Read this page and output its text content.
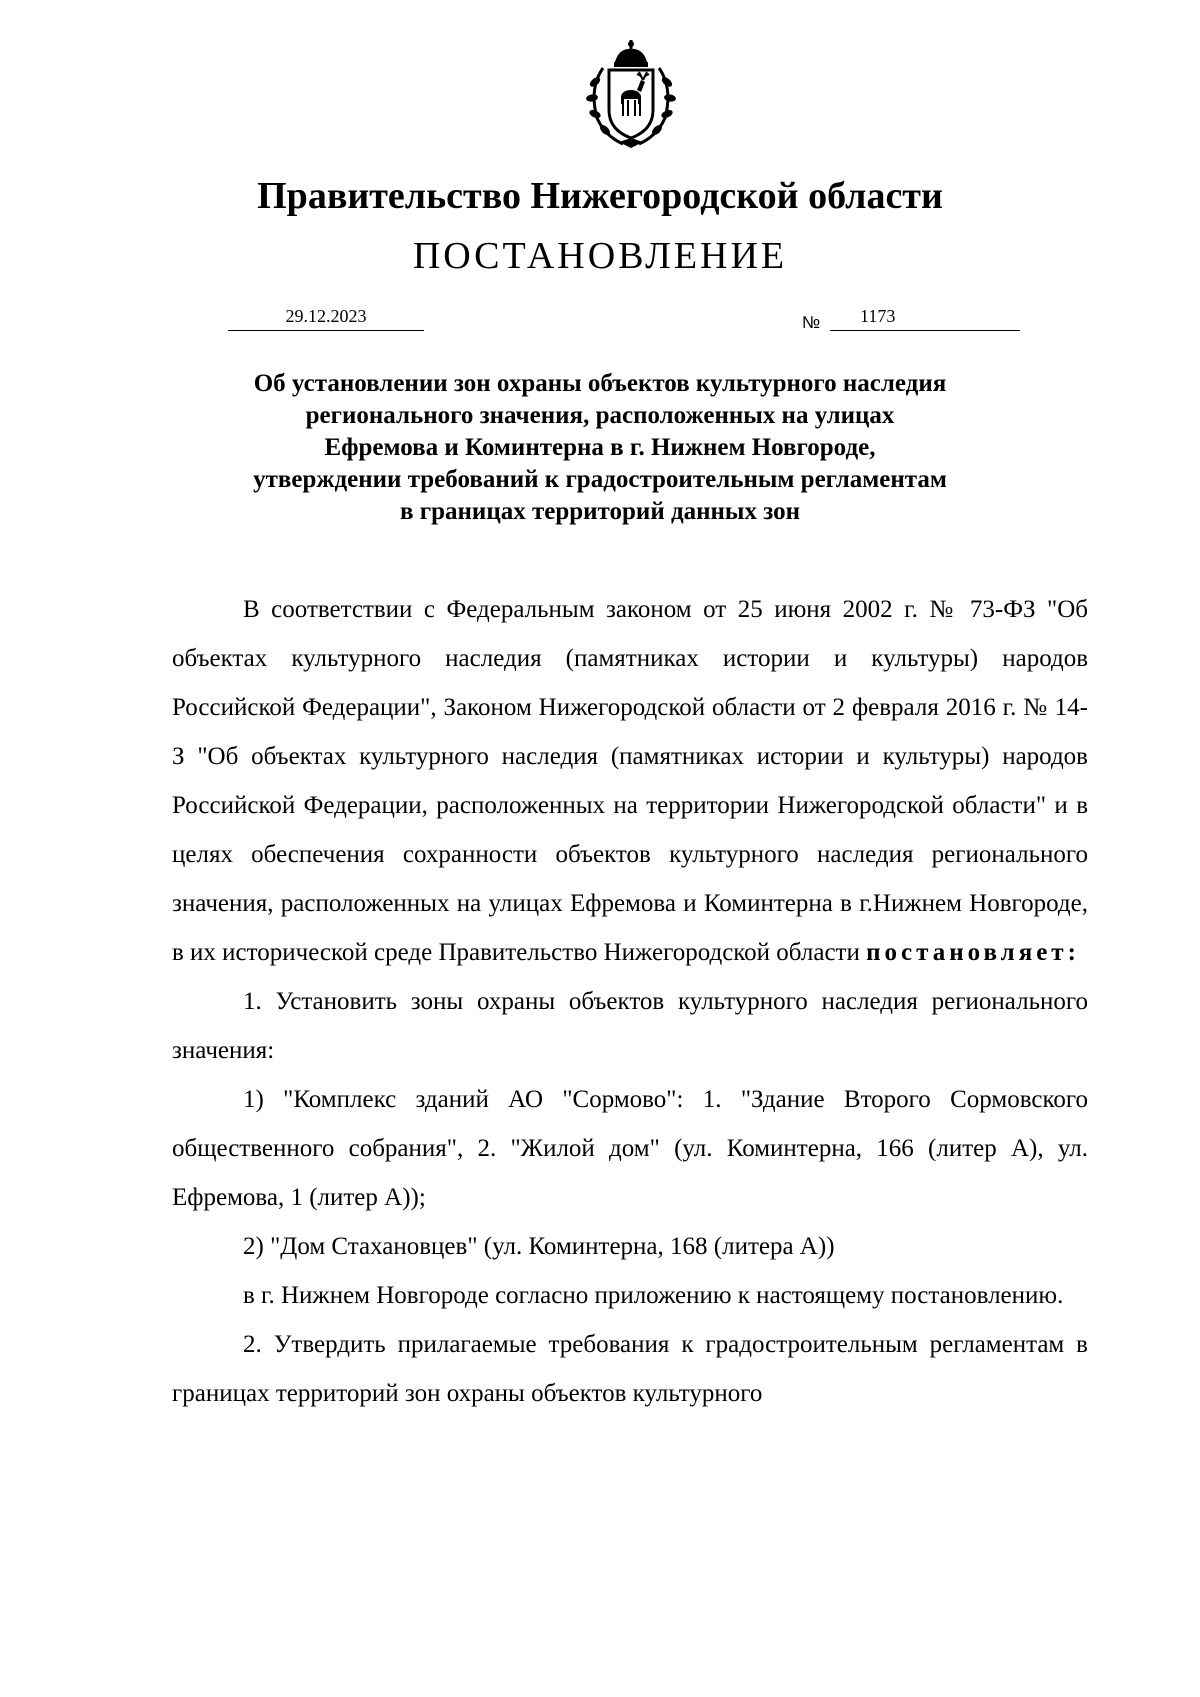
Правительство Нижегородской области
ПОСТАНОВЛЕНИЕ
29.12.2023	№	1173
Об установлении зон охраны объектов культурного наследия
регионального значения, расположенных на улицах
Ефремова и Коминтерна в г. Нижнем Новгороде,
утверждении требований к градостроительным регламентам
в границах территорий данных зон

В соответствии с Федеральным законом от 25 июня 2002 г. № 73-ФЗ "Об объектах культурного наследия (памятниках истории и культуры) народов Российской Федерации", Законом Нижегородской области от 2 февраля 2016 г. № 14-З "Об объектах культурного наследия (памятниках истории и культуры) народов Российской Федерации, расположенных на территории Нижегородской области" и в целях обеспечения сохранности объектов культурного наследия регионального значения, расположенных на улицах Ефремова и Коминтерна в г.Нижнем Новгороде, в их исторической среде Правительство Нижегородской области постановляет:

1. Установить зоны охраны объектов культурного наследия регионального значения:

1) "Комплекс зданий АО "Сормово": 1. "Здание Второго Сормовского общественного собрания", 2. "Жилой дом" (ул. Коминтерна, 166 (литер А), ул. Ефремова, 1 (литер А));

2) "Дом Стахановцев" (ул. Коминтерна, 168 (литера А))

в г. Нижнем Новгороде согласно приложению к настоящему постановлению.

2. Утвердить прилагаемые требования к градостроительным регламентам в границах территорий зон охраны объектов культурного
